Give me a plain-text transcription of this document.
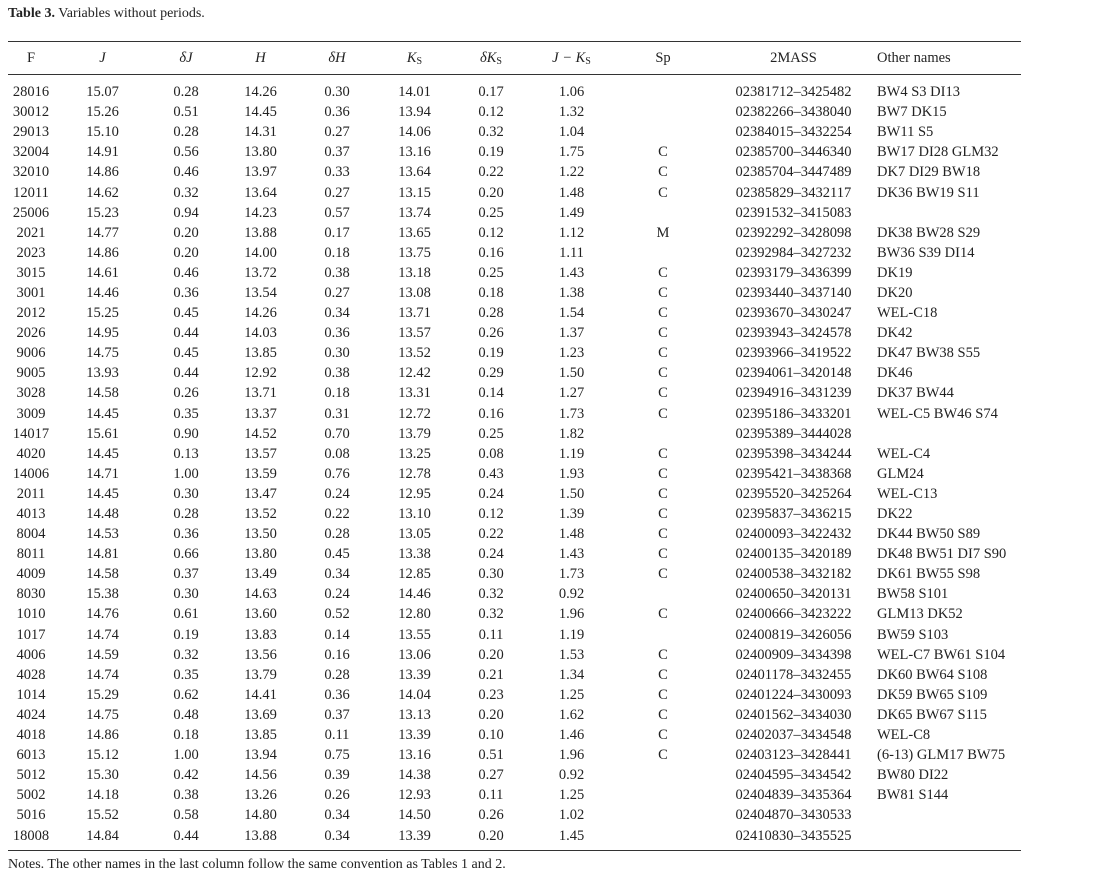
Table 3. Variables without periods.
F	J	δJ	H	δH	$K_S$	$\delta K_S$	$J - K_S$	Sp	2MASS	Other names

28016	15.07	0.28	14.26	0.30	14.01	0.17	1.06		02381712–3425482	BW4 S3 DI13
30012	15.26	0.51	14.45	0.36	13.94	0.12	1.32		02382266–3438040	BW7 DK15
29013	15.10	0.28	14.31	0.27	14.06	0.32	1.04		02384015–3432254	BW11 S5
32004	14.91	0.56	13.80	0.37	13.16	0.19	1.75	C	02385700–3446340	BW17 DI28 GLM32
32010	14.86	0.46	13.97	0.33	13.64	0.22	1.22	C	02385704–3447489	DK7 DI29 BW18
12011	14.62	0.32	13.64	0.27	13.15	0.20	1.48	C	02385829–3432117	DK36 BW19 S11
25006	15.23	0.94	14.23	0.57	13.74	0.25	1.49		02391532–3415083	
2021	14.77	0.20	13.88	0.17	13.65	0.12	1.12	M	02392292–3428098	DK38 BW28 S29
2023	14.86	0.20	14.00	0.18	13.75	0.16	1.11		02392984–3427232	BW36 S39 DI14
3015	14.61	0.46	13.72	0.38	13.18	0.25	1.43	C	02393179–3436399	DK19
3001	14.46	0.36	13.54	0.27	13.08	0.18	1.38	C	02393440–3437140	DK20
2012	15.25	0.45	14.26	0.34	13.71	0.28	1.54	C	02393670–3430247	WEL-C18
2026	14.95	0.44	14.03	0.36	13.57	0.26	1.37	C	02393943–3424578	DK42
9006	14.75	0.45	13.85	0.30	13.52	0.19	1.23	C	02393966–3419522	DK47 BW38 S55
9005	13.93	0.44	12.92	0.38	12.42	0.29	1.50	C	02394061–3420148	DK46
3028	14.58	0.26	13.71	0.18	13.31	0.14	1.27	C	02394916–3431239	DK37 BW44
3009	14.45	0.35	13.37	0.31	12.72	0.16	1.73	C	02395186–3433201	WEL-C5 BW46 S74
14017	15.61	0.90	14.52	0.70	13.79	0.25	1.82		02395389–3444028	
4020	14.45	0.13	13.57	0.08	13.25	0.08	1.19	C	02395398–3434244	WEL-C4
14006	14.71	1.00	13.59	0.76	12.78	0.43	1.93	C	02395421–3438368	GLM24
2011	14.45	0.30	13.47	0.24	12.95	0.24	1.50	C	02395520–3425264	WEL-C13
4013	14.48	0.28	13.52	0.22	13.10	0.12	1.39	C	02395837–3436215	DK22
8004	14.53	0.36	13.50	0.28	13.05	0.22	1.48	C	02400093–3422432	DK44 BW50 S89
8011	14.81	0.66	13.80	0.45	13.38	0.24	1.43	C	02400135–3420189	DK48 BW51 DI7 S90
4009	14.58	0.37	13.49	0.34	12.85	0.30	1.73	C	02400538–3432182	DK61 BW55 S98
8030	15.38	0.30	14.63	0.24	14.46	0.32	0.92		02400650–3420131	BW58 S101
1010	14.76	0.61	13.60	0.52	12.80	0.32	1.96	C	02400666–3423222	GLM13 DK52
1017	14.74	0.19	13.83	0.14	13.55	0.11	1.19		02400819–3426056	BW59 S103
4006	14.59	0.32	13.56	0.16	13.06	0.20	1.53	C	02400909–3434398	WEL-C7 BW61 S104
4028	14.74	0.35	13.79	0.28	13.39	0.21	1.34	C	02401178–3432455	DK60 BW64 S108
1014	15.29	0.62	14.41	0.36	14.04	0.23	1.25	C	02401224–3430093	DK59 BW65 S109
4024	14.75	0.48	13.69	0.37	13.13	0.20	1.62	C	02401562–3434030	DK65 BW67 S115
4018	14.86	0.18	13.85	0.11	13.39	0.10	1.46	C	02402037–3434548	WEL-C8
6013	15.12	1.00	13.94	0.75	13.16	0.51	1.96	C	02403123–3428441	(6-13) GLM17 BW75
5012	15.30	0.42	14.56	0.39	14.38	0.27	0.92		02404595–3434542	BW80 DI22
5002	14.18	0.38	13.26	0.26	12.93	0.11	1.25		02404839–3435364	BW81 S144
5016	15.52	0.58	14.80	0.34	14.50	0.26	1.02		02404870–3430533	
18008	14.84	0.44	13.88	0.34	13.39	0.20	1.45		02410830–3435525	
Notes. The other names in the last column follow the same convention as Tables 1 and 2.
